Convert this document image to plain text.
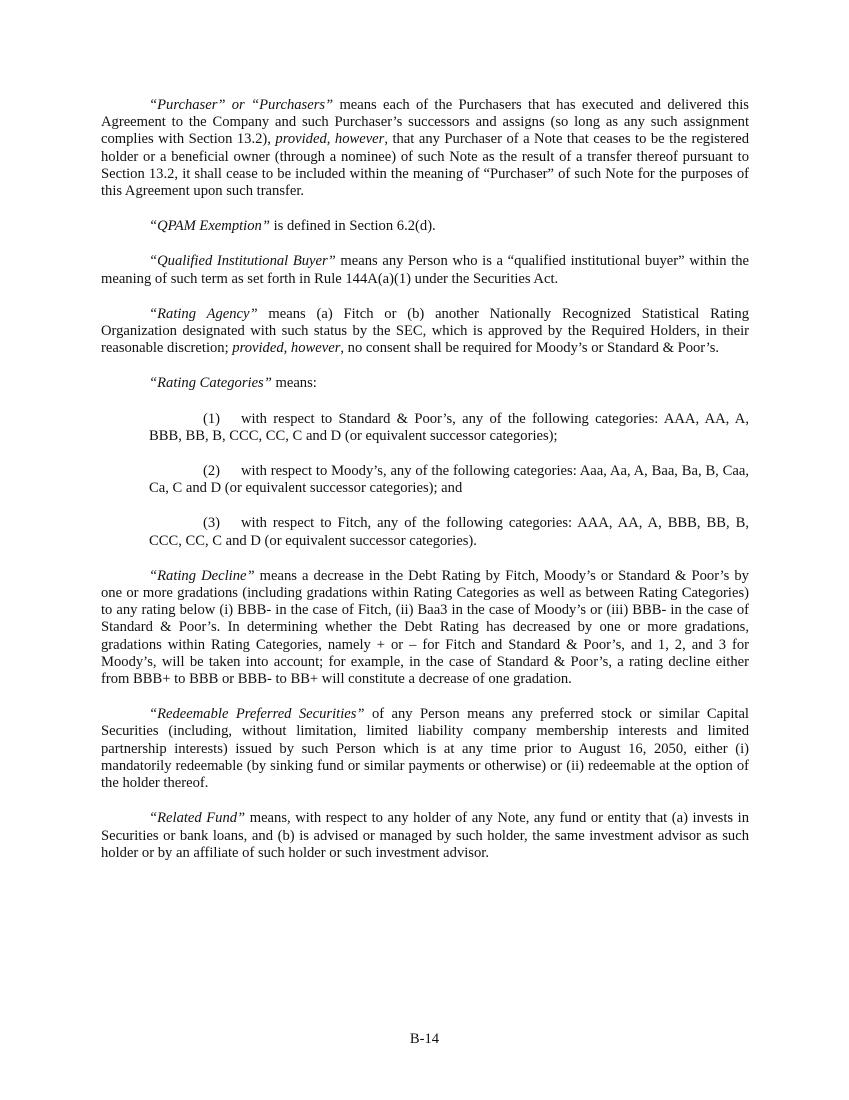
“Purchaser” or “Purchasers” means each of the Purchasers that has executed and delivered this Agreement to the Company and such Purchaser’s successors and assigns (so long as any such assignment complies with Section 13.2), provided, however, that any Purchaser of a Note that ceases to be the registered holder or a beneficial owner (through a nominee) of such Note as the result of a transfer thereof pursuant to Section 13.2, it shall cease to be included within the meaning of “Purchaser” of such Note for the purposes of this Agreement upon such transfer.

“QPAM Exemption” is defined in Section 6.2(d).

“Qualified Institutional Buyer” means any Person who is a “qualified institutional buyer” within the meaning of such term as set forth in Rule 144A(a)(1) under the Securities Act.

“Rating Agency” means (a) Fitch or (b) another Nationally Recognized Statistical Rating Organization designated with such status by the SEC, which is approved by the Required Holders, in their reasonable discretion; provided, however, no consent shall be required for Moody’s or Standard & Poor’s.

“Rating Categories” means:

(1) with respect to Standard & Poor’s, any of the following categories: AAA, AA, A, BBB, BB, B, CCC, CC, C and D (or equivalent successor categories);

(2) with respect to Moody’s, any of the following categories: Aaa, Aa, A, Baa, Ba, B, Caa, Ca, C and D (or equivalent successor categories); and

(3) with respect to Fitch, any of the following categories: AAA, AA, A, BBB, BB, B, CCC, CC, C and D (or equivalent successor categories).

“Rating Decline” means a decrease in the Debt Rating by Fitch, Moody’s or Standard & Poor’s by one or more gradations (including gradations within Rating Categories as well as between Rating Categories) to any rating below (i) BBB- in the case of Fitch, (ii) Baa3 in the case of Moody’s or (iii) BBB- in the case of Standard & Poor’s. In determining whether the Debt Rating has decreased by one or more gradations, gradations within Rating Categories, namely + or – for Fitch and Standard & Poor’s, and 1, 2, and 3 for Moody’s, will be taken into account; for example, in the case of Standard & Poor’s, a rating decline either from BBB+ to BBB or BBB- to BB+ will constitute a decrease of one gradation.

“Redeemable Preferred Securities” of any Person means any preferred stock or similar Capital Securities (including, without limitation, limited liability company membership interests and limited partnership interests) issued by such Person which is at any time prior to August 16, 2050, either (i) mandatorily redeemable (by sinking fund or similar payments or otherwise) or (ii) redeemable at the option of the holder thereof.

“Related Fund” means, with respect to any holder of any Note, any fund or entity that (a) invests in Securities or bank loans, and (b) is advised or managed by such holder, the same investment advisor as such holder or by an affiliate of such holder or such investment advisor.

B-14
